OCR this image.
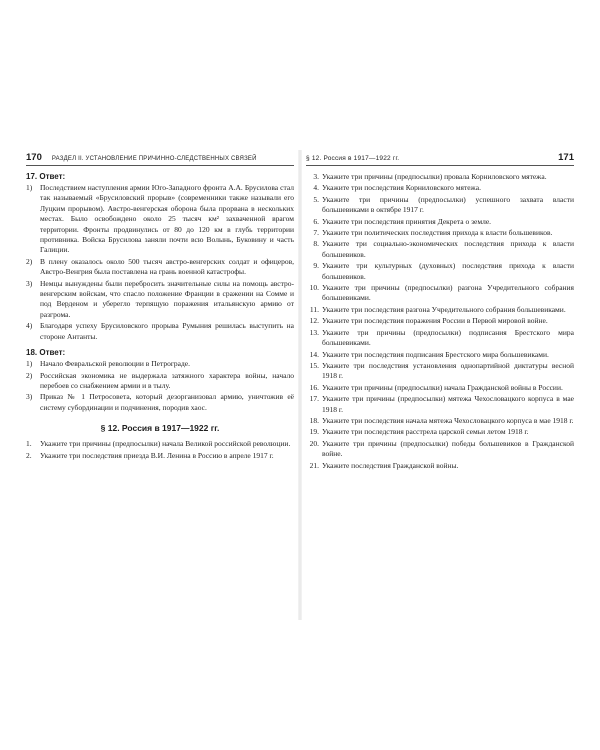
170 РАЗДЕЛ II. УСТАНОВЛЕНИЕ ПРИЧИННО-СЛЕДСТВЕННЫХ СВЯЗЕЙ

17. Ответ:

1) Последствием наступления армии Юго-Западного фронта А.А. Брусилова стал так называемый «Брусиловский прорыв» (современники также называли его Луцким прорывом). Австро-венгерская оборона была прорвана в нескольких местах. Было освобождено около 25 тысяч км² захваченной врагом территории. Фронты продвинулись от 80 до 120 км в глубь территории противника. Войска Брусилова заняли почти всю Волынь, Буковину и часть Галиции.
2) В плену оказалось около 500 тысяч австро-венгерских солдат и офицеров, Австро-Венгрия была поставлена на грань военной катастрофы.
3) Немцы вынуждены были перебросить значительные силы на помощь австро-венгерским войскам, что спасло положение Франции в сражении на Сомме и под Верденом и уберегло терпящую поражения итальянскую армию от разгрома.
4) Благодаря успеху Брусиловского прорыва Румыния решилась выступить на стороне Антанты.

18. Ответ:

1) Начало Февральской революции в Петрограде.
2) Российская экономика не выдержала затяжного характера войны, начало перебоев со снабжением армии и в тылу.
3) Приказ № 1 Петросовета, который дезорганизовал армию, уничтожив её систему субординации и подчинения, породив хаос.
§ 12. Россия в 1917—1922 гг.
1. Укажите три причины (предпосылки) начала Великой российской революции.
2. Укажите три последствия приезда В.И. Ленина в Россию в апреле 1917 г.
§ 12. Россия в 1917—1922 гг.	171
3. Укажите три причины (предпосылки) провала Корниловского мятежа.
4. Укажите три последствия Корниловского мятежа.
5. Укажите три причины (предпосылки) успешного захвата власти большевиками в октябре 1917 г.
6. Укажите три последствия принятия Декрета о земле.
7. Укажите три политических последствия прихода к власти большевиков.
8. Укажите три социально-экономических последствия прихода к власти большевиков.
9. Укажите три культурных (духовных) последствия прихода к власти большевиков.
10. Укажите три причины (предпосылки) разгона Учредительного собрания большевиками.
11. Укажите три последствия разгона Учредительного собрания большевиками.
12. Укажите три последствия поражения России в Первой мировой войне.
13. Укажите три причины (предпосылки) подписания Брестского мира большевиками.
14. Укажите три последствия подписания Брестского мира большевиками.
15. Укажите три последствия установления однопартийной диктатуры весной 1918 г.
16. Укажите три причины (предпосылки) начала Гражданской войны в России.
17. Укажите три причины (предпосылки) мятежа Чехословацкого корпуса в мае 1918 г.
18. Укажите три последствия начала мятежа Чехословацкого корпуса в мае 1918 г.
19. Укажите три последствия расстрела царской семьи летом 1918 г.
20. Укажите три причины (предпосылки) победы большевиков в Гражданской войне.
21. Укажите последствия Гражданской войны.
